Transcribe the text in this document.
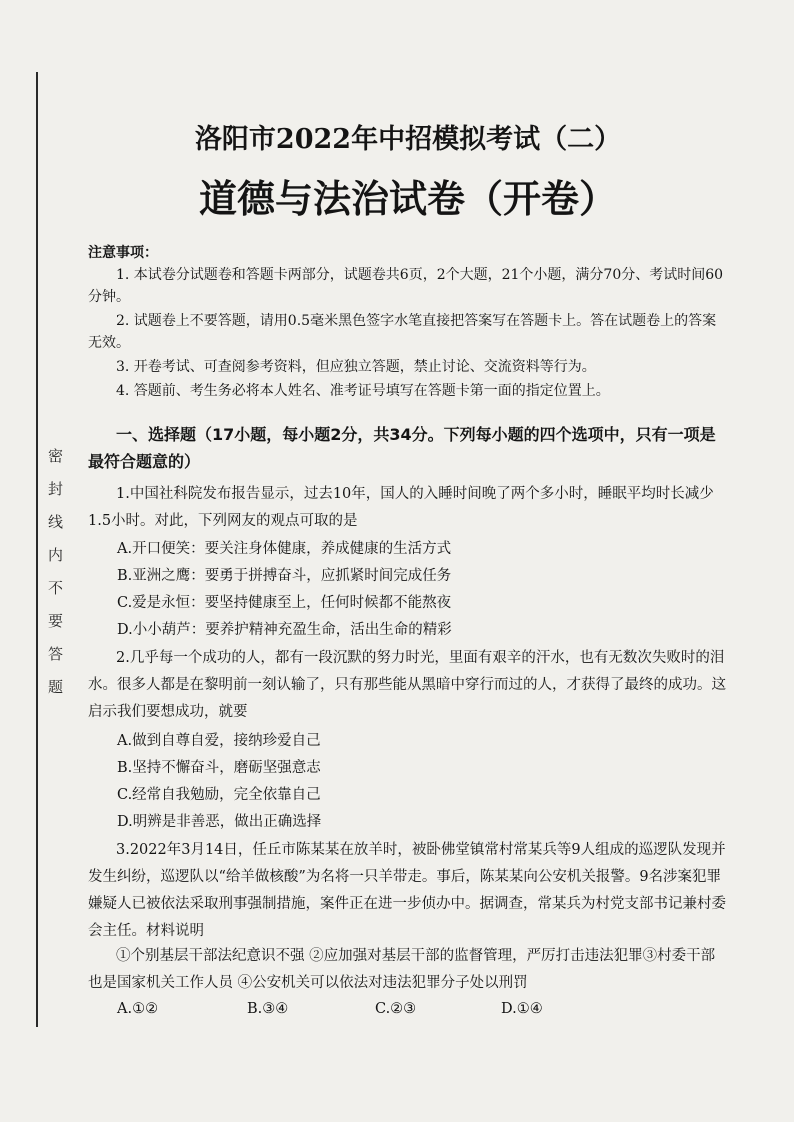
密封线内不要答题
洛阳市2022年中招模拟考试（二）
道德与法治试卷（开卷）

注意事项：

1. 本试卷分试题卷和答题卡两部分，试题卷共6页，2个大题，21个小题，满分70分、考试时间60分钟。

2. 试题卷上不要答题，请用0.5毫米黑色签字水笔直接把答案写在答题卡上。答在试题卷上的答案无效。

3. 开卷考试、可查阅参考资料，但应独立答题，禁止讨论、交流资料等行为。

4. 答题前、考生务必将本人姓名、准考证号填写在答题卡第一面的指定位置上。

一、选择题（17小题，每小题2分，共34分。下列每小题的四个选项中，只有一项是最符合题意的）

1.中国社科院发布报告显示，过去10年，国人的入睡时间晚了两个多小时，睡眠平均时长减少1.5小时。对此，下列网友的观点可取的是

A.开口便笑：要关注身体健康，养成健康的生活方式

B.亚洲之鹰：要勇于拼搏奋斗，应抓紧时间完成任务

C.爱是永恒：要坚持健康至上，任何时候都不能熬夜

D.小小葫芦：要养护精神充盈生命，活出生命的精彩

2.几乎每一个成功的人，都有一段沉默的努力时光，里面有艰辛的汗水，也有无数次失败时的泪水。很多人都是在黎明前一刻认输了，只有那些能从黑暗中穿行而过的人，才获得了最终的成功。这启示我们要想成功，就要

A.做到自尊自爱，接纳珍爱自己

B.坚持不懈奋斗，磨砺坚强意志

C.经常自我勉励，完全依靠自己

D.明辨是非善恶，做出正确选择

3.2022年3月14日，任丘市陈某某在放羊时，被卧佛堂镇常村常某兵等9人组成的巡逻队发现并发生纠纷，巡逻队以“给羊做核酸”为名将一只羊带走。事后，陈某某向公安机关报警。9名涉案犯罪嫌疑人已被依法采取刑事强制措施，案件正在进一步侦办中。据调查，常某兵为村党支部书记兼村委会主任。材料说明

①个别基层干部法纪意识不强 ②应加强对基层干部的监督管理，严厉打击违法犯罪③村委干部也是国家机关工作人员 ④公安机关可以依法对违法犯罪分子处以刑罚

A.①②	B.③④	C.②③	D.①④
